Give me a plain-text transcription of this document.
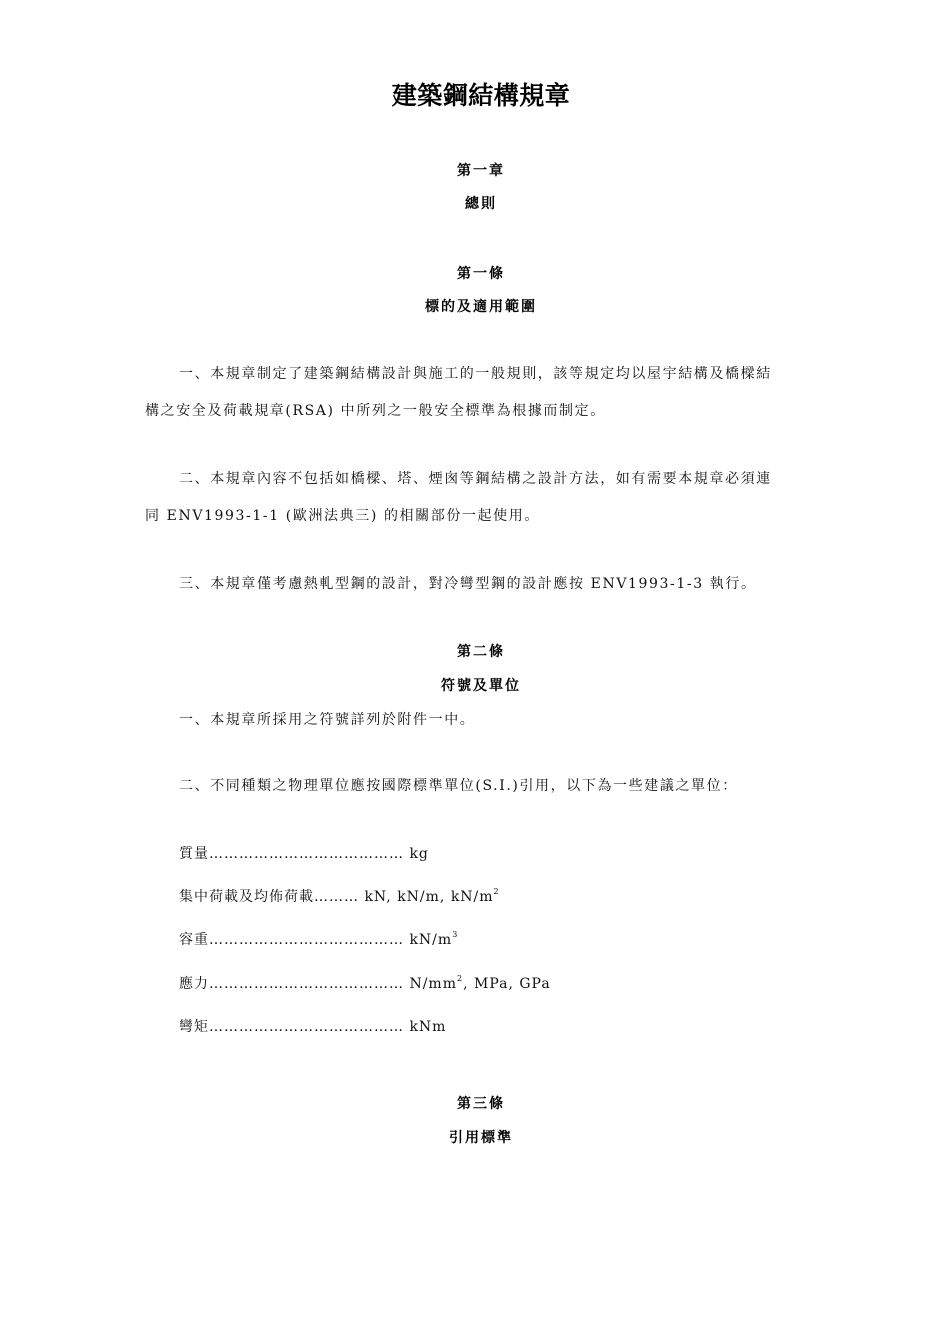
建築鋼結構規章
第一章
總則
第一條
標的及適用範圍
一、本規章制定了建築鋼結構設計與施工的一般規則，該等規定均以屋宇結構及橋樑結
構之安全及荷載規章(RSA) 中所列之一般安全標準為根據而制定。
二、本規章內容不包括如橋樑、塔、煙囪等鋼結構之設計方法，如有需要本規章必須連
同 ENV1993-1-1 (歐洲法典三) 的相關部份一起使用。
三、本規章僅考慮熱軋型鋼的設計，對冷彎型鋼的設計應按 ENV1993-1-3 執行。
第二條
符號及單位
一、本規章所採用之符號詳列於附件一中。
二、不同種類之物理單位應按國際標準單位(S.I.)引用，以下為一些建議之單位：
質量………………………………… kg
集中荷載及均佈荷載……… kN, kN/m, $kN/m^2$
容重………………………………… $kN/m^3$
應力………………………………… $N/mm^2$, MPa, GPa
彎矩………………………………… kNm
第三條
引用標準
